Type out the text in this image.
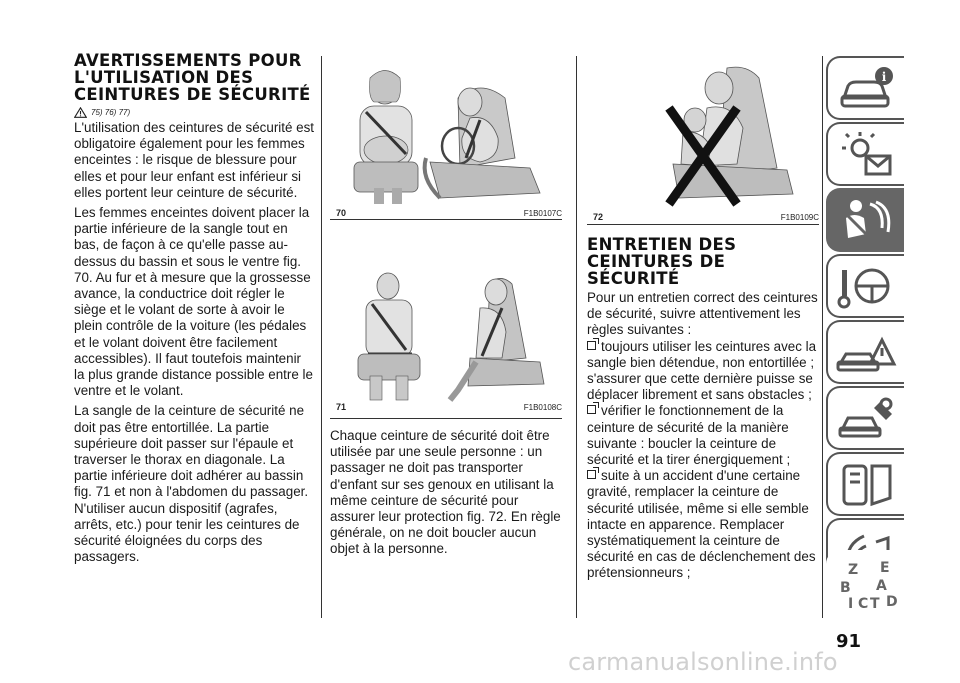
AVERTISSEMENTS POUR L'UTILISATION DES CEINTURES DE SÉCURITÉ
75) 76) 77)

L'utilisation des ceintures de sécurité est obligatoire également pour les femmes enceintes : le risque de blessure pour elles et pour leur enfant est inférieur si elles portent leur ceinture de sécurité.

Les femmes enceintes doivent placer la partie inférieure de la sangle tout en bas, de façon à ce qu'elle passe au-dessus du bassin et sous le ventre fig. 70. Au fur et à mesure que la grossesse avance, la conductrice doit régler le siège et le volant de sorte à avoir le plein contrôle de la voiture (les pédales et le volant doivent être facilement accessibles). Il faut toutefois maintenir la plus grande distance possible entre le ventre et le volant.

La sangle de la ceinture de sécurité ne doit pas être entortillée. La partie supérieure doit passer sur l'épaule et traverser le thorax en diagonale. La partie inférieure doit adhérer au bassin fig. 71 et non à l'abdomen du passager. N'utiliser aucun dispositif (agrafes, arrêts, etc.) pour tenir les ceintures de sécurité éloignées du corps des passagers.

70	F1B0107C
71	F1B0108C

Chaque ceinture de sécurité doit être utilisée par une seule personne : un passager ne doit pas transporter d'enfant sur ses genoux en utilisant la même ceinture de sécurité pour assurer leur protection fig. 72. En règle générale, on ne doit boucler aucun objet à la personne.

72	F1B0109C
ENTRETIEN DES CEINTURES DE SÉCURITÉ

Pour un entretien correct des ceintures de sécurité, suivre attentivement les règles suivantes :

toujours utiliser les ceintures avec la sangle bien détendue, non entortillée ; s'assurer que cette dernière puisse se déplacer librement et sans obstacles ;
vérifier le fonctionnement de la ceinture de sécurité de la manière suivante : boucler la ceinture de sécurité et la tirer énergiquement ;
suite à un accident d'une certaine gravité, remplacer la ceinture de sécurité utilisée, même si elle semble intacte en apparence. Remplacer systématiquement la ceinture de sécurité en cas de déclenchement des prétensionneurs ;
i
Z E
B A
C D
I T
91
carmanualsonline.info
